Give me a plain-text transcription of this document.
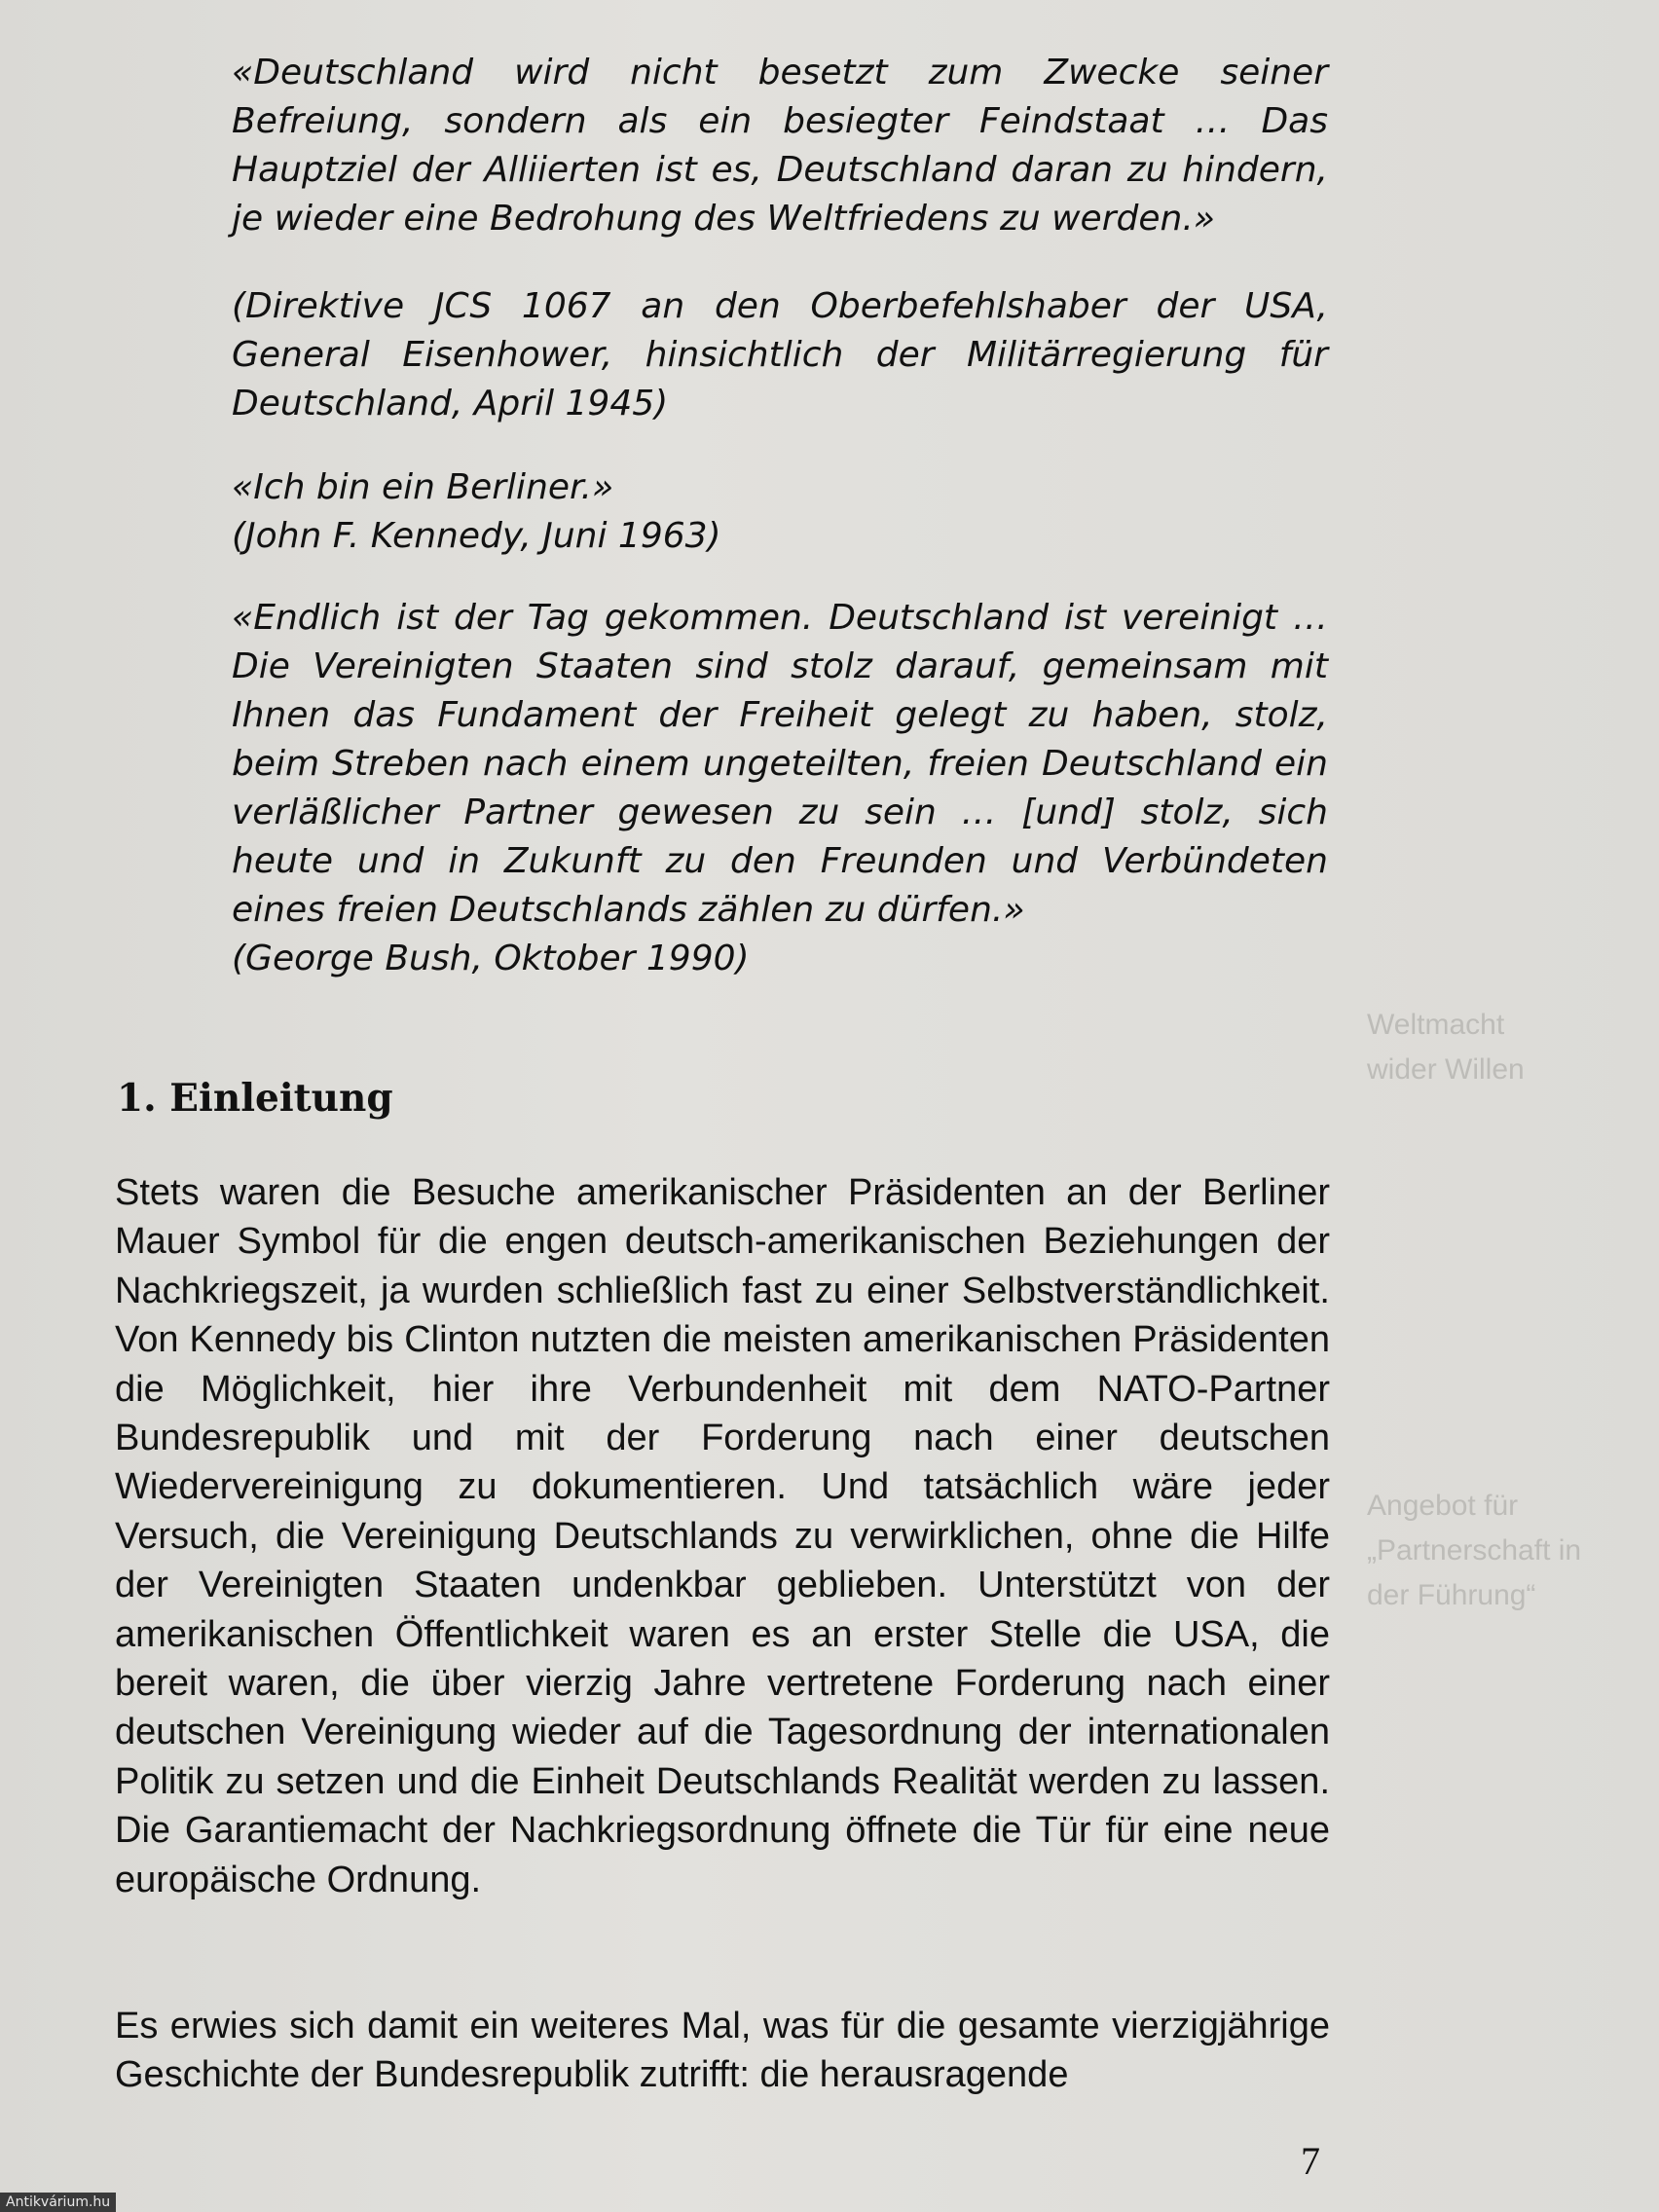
«Deutschland wird nicht besetzt zum Zwecke seiner Befreiung, sondern als ein besiegter Feindstaat … Das Hauptziel der Alliierten ist es, Deutschland daran zu hindern, je wieder eine Bedrohung des Weltfriedens zu werden.»

(Direktive JCS 1067 an den Oberbefehlshaber der USA, General Eisenhower, hinsichtlich der Militärregierung für Deutschland, April 1945)

«Ich bin ein Berliner.»

(John F. Kennedy, Juni 1963)

«Endlich ist der Tag gekommen. Deutschland ist vereinigt … Die Vereinigten Staaten sind stolz darauf, gemeinsam mit Ihnen das Fundament der Freiheit gelegt zu haben, stolz, beim Streben nach einem ungeteilten, freien Deutschland ein verläßlicher Partner gewesen zu sein … [und] stolz, sich heute und in Zukunft zu den Freunden und Verbündeten eines freien Deutschlands zählen zu dürfen.»

(George Bush, Oktober 1990)

1. Einleitung

Stets waren die Besuche amerikanischer Präsidenten an der Berliner Mauer Symbol für die engen deutsch-amerikanischen Beziehungen der Nachkriegszeit, ja wurden schließlich fast zu einer Selbstverständlichkeit. Von Kennedy bis Clinton nutzten die meisten amerikanischen Präsidenten die Möglichkeit, hier ihre Verbundenheit mit dem NATO-Partner Bundesrepublik und mit der Forderung nach einer deutschen Wiedervereinigung zu dokumentieren. Und tatsächlich wäre jeder Versuch, die Vereinigung Deutschlands zu verwirklichen, ohne die Hilfe der Vereinigten Staaten undenkbar geblieben. Unterstützt von der amerikanischen Öffentlichkeit waren es an erster Stelle die USA, die bereit waren, die über vierzig Jahre vertretene Forderung nach einer deutschen Vereinigung wieder auf die Tagesordnung der internationalen Politik zu setzen und die Einheit Deutschlands Realität werden zu lassen. Die Garantiemacht der Nachkriegsordnung öffnete die Tür für eine neue europäische Ordnung.

Es erwies sich damit ein weiteres Mal, was für die gesamte vierzigjährige Geschichte der Bundesrepublik zutrifft: die herausragende

Weltmacht wider Willen

Angebot für „Partnerschaft in der Führung“

7

Antikvárium.hu
